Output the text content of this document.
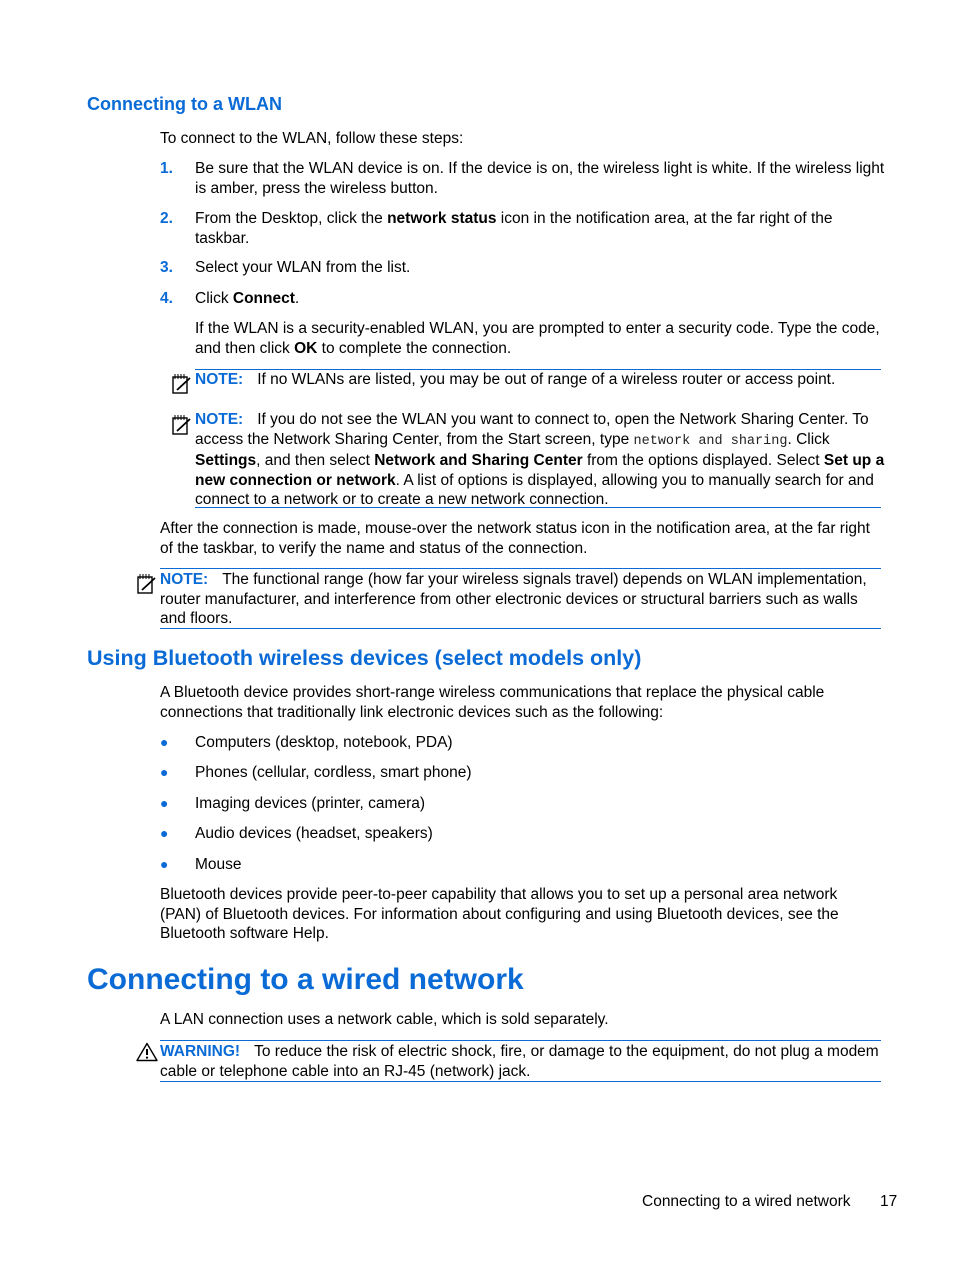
Connecting to a WLAN
To connect to the WLAN, follow these steps:
1. Be sure that the WLAN device is on. If the device is on, the wireless light is white. If the wireless light is amber, press the wireless button.
2. From the Desktop, click the network status icon in the notification area, at the far right of the taskbar.
3. Select your WLAN from the list.
4. Click Connect.
If the WLAN is a security-enabled WLAN, you are prompted to enter a security code. Type the code, and then click OK to complete the connection.
NOTE: If no WLANs are listed, you may be out of range of a wireless router or access point.
NOTE: If you do not see the WLAN you want to connect to, open the Network Sharing Center. To access the Network Sharing Center, from the Start screen, type network and sharing. Click Settings, and then select Network and Sharing Center from the options displayed. Select Set up a new connection or network. A list of options is displayed, allowing you to manually search for and connect to a network or to create a new network connection.
After the connection is made, mouse-over the network status icon in the notification area, at the far right of the taskbar, to verify the name and status of the connection.
NOTE: The functional range (how far your wireless signals travel) depends on WLAN implementation, router manufacturer, and interference from other electronic devices or structural barriers such as walls and floors.
Using Bluetooth wireless devices (select models only)
A Bluetooth device provides short-range wireless communications that replace the physical cable connections that traditionally link electronic devices such as the following:
● Computers (desktop, notebook, PDA)
● Phones (cellular, cordless, smart phone)
● Imaging devices (printer, camera)
● Audio devices (headset, speakers)
● Mouse
Bluetooth devices provide peer-to-peer capability that allows you to set up a personal area network (PAN) of Bluetooth devices. For information about configuring and using Bluetooth devices, see the Bluetooth software Help.
Connecting to a wired network
A LAN connection uses a network cable, which is sold separately.
WARNING! To reduce the risk of electric shock, fire, or damage to the equipment, do not plug a modem cable or telephone cable into an RJ-45 (network) jack.
Connecting to a wired network 17
